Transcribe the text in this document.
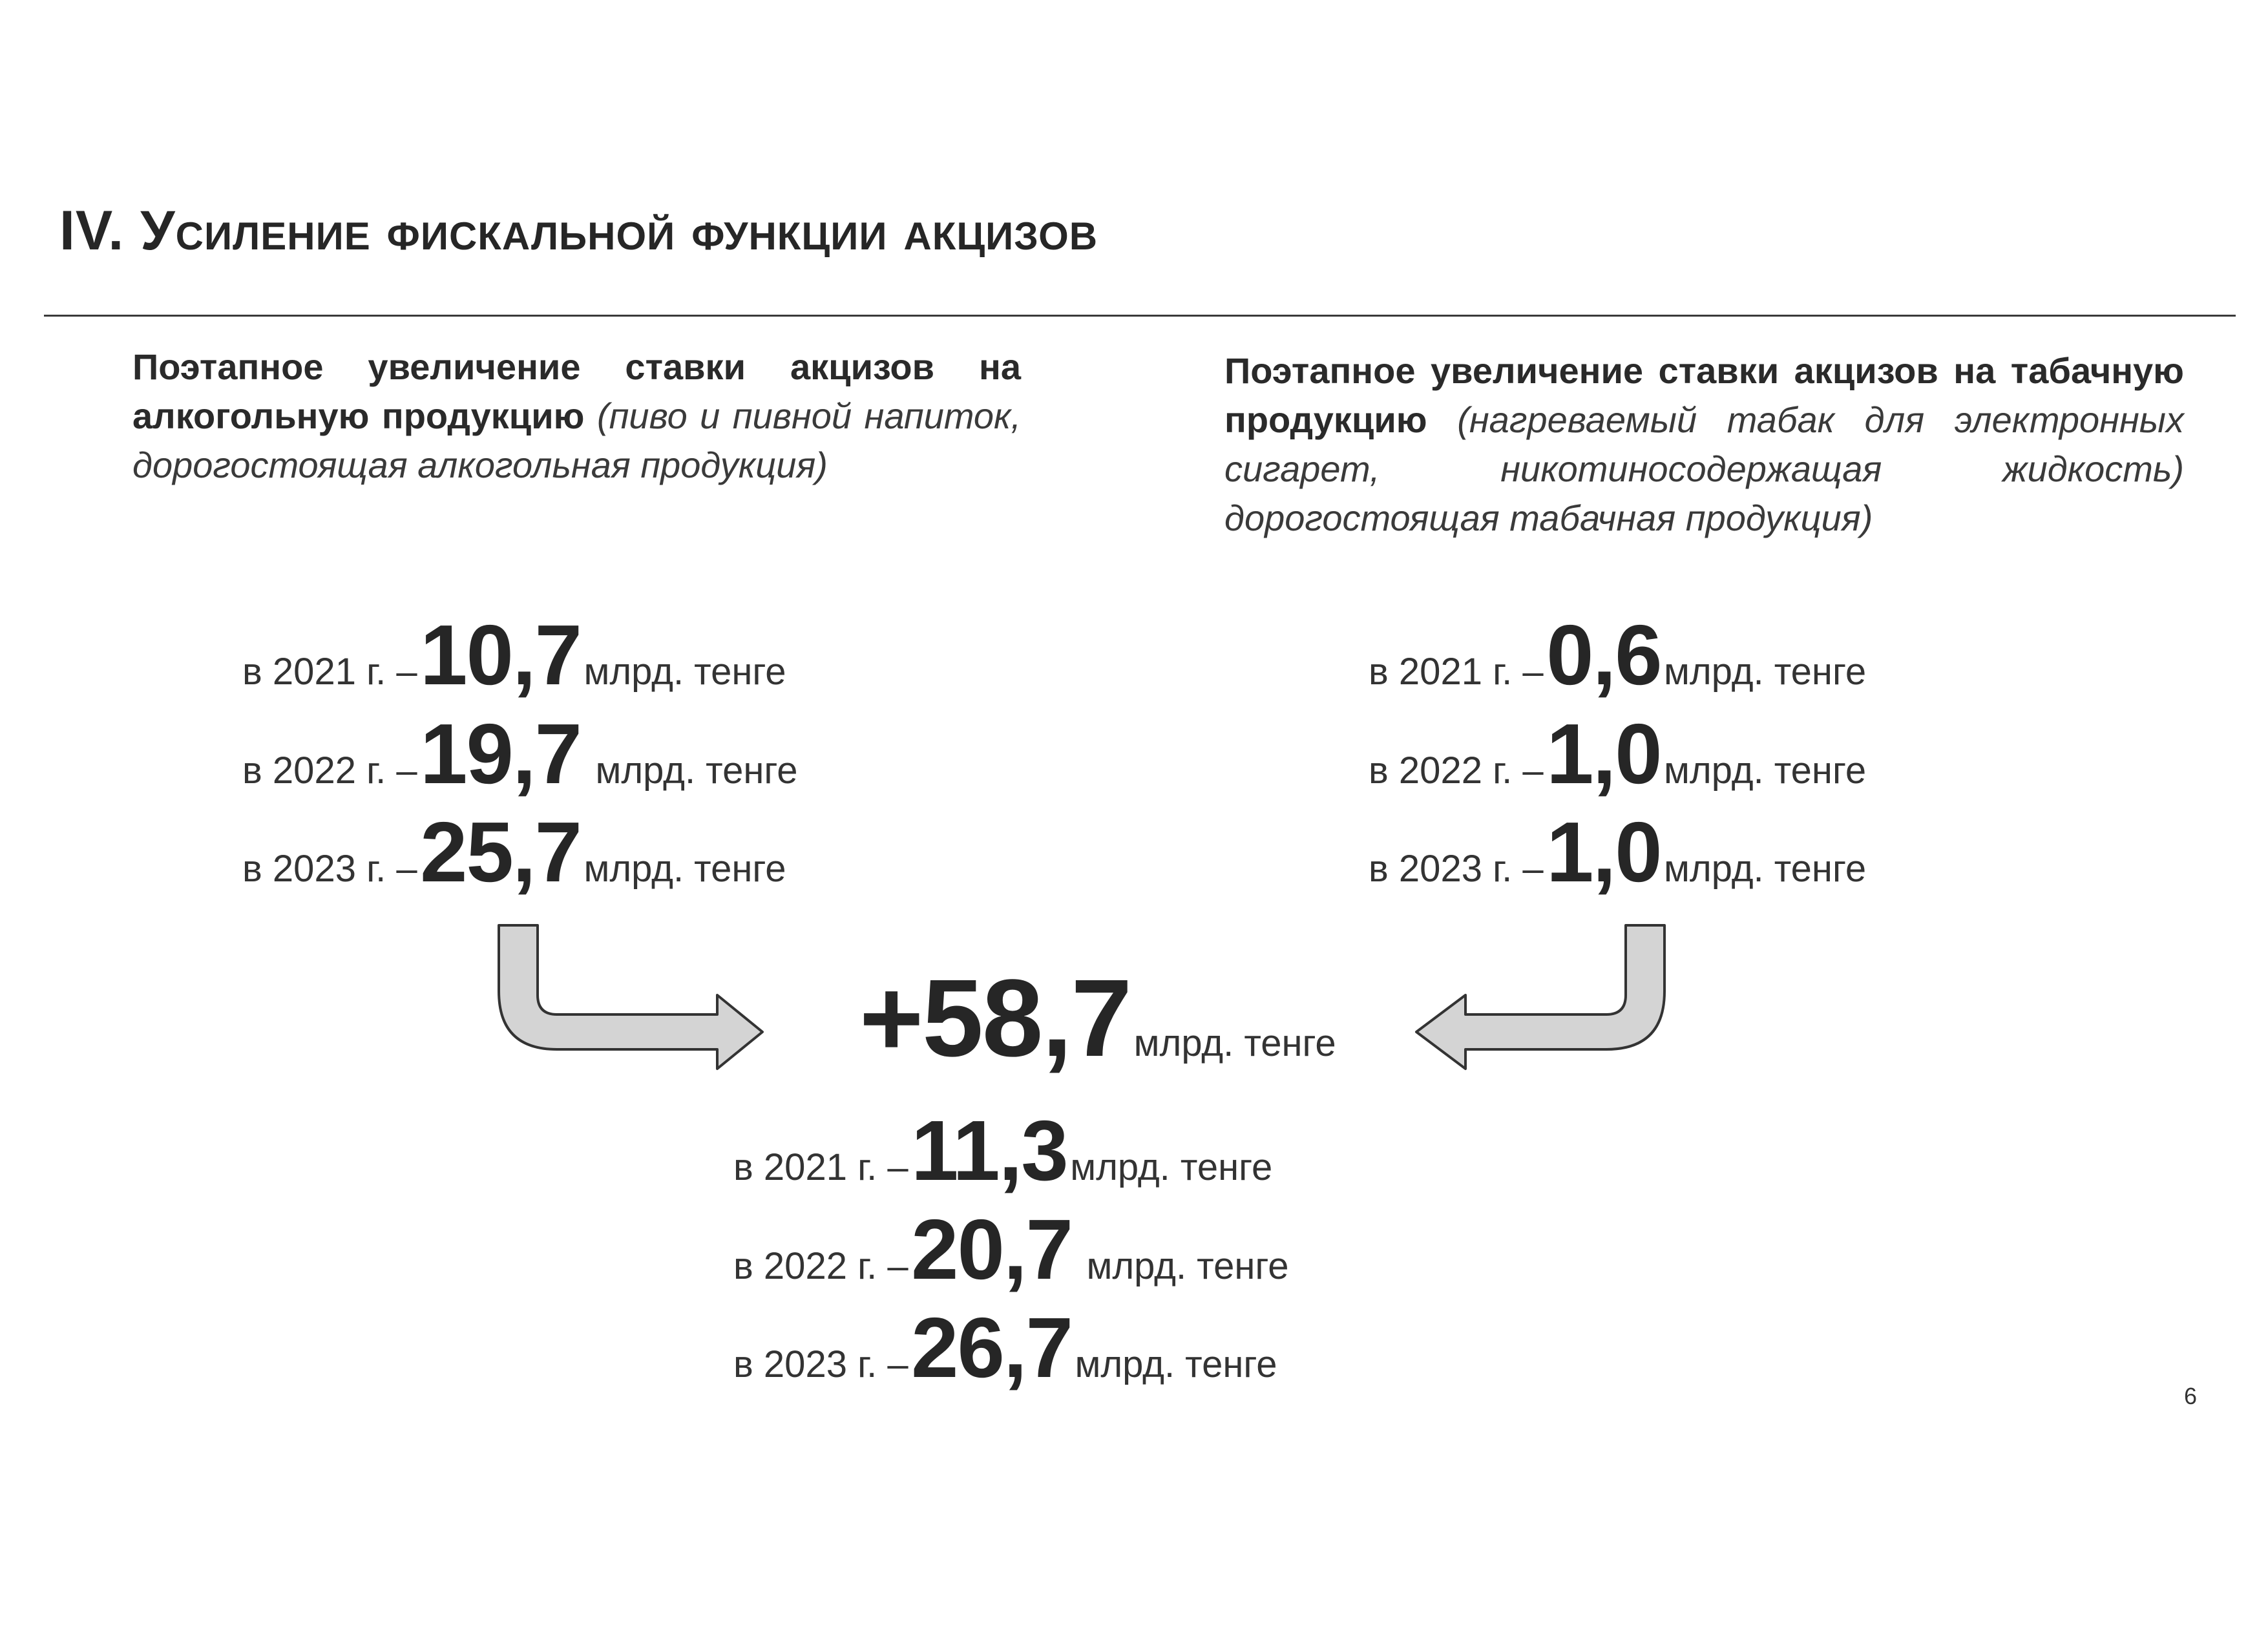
IV. Усиление фискальной функции акцизов
Поэтапное увеличение ставки акцизов на алкогольную продукцию (пиво и пивной напиток, дорогостоящая алкогольная продукция)
Поэтапное увеличение ставки акцизов на табачную продукцию (нагреваемый табак для электронных сигарет, никотиносодержащая жидкость) дорогостоящая табачная продукция)
в 2021 г. – 10,7 млрд. тенге
в 2022 г. – 19,7 млрд. тенге
в 2023 г. – 25,7 млрд. тенге
в 2021 г. – 0,6 млрд. тенге
в 2022 г. – 1,0 млрд. тенге
в 2023 г. – 1,0 млрд. тенге
+58,7 млрд. тенге
в 2021 г. – 11,3 млрд. тенге
в 2022 г. – 20,7 млрд. тенге
в 2023 г. – 26,7 млрд. тенге
6
